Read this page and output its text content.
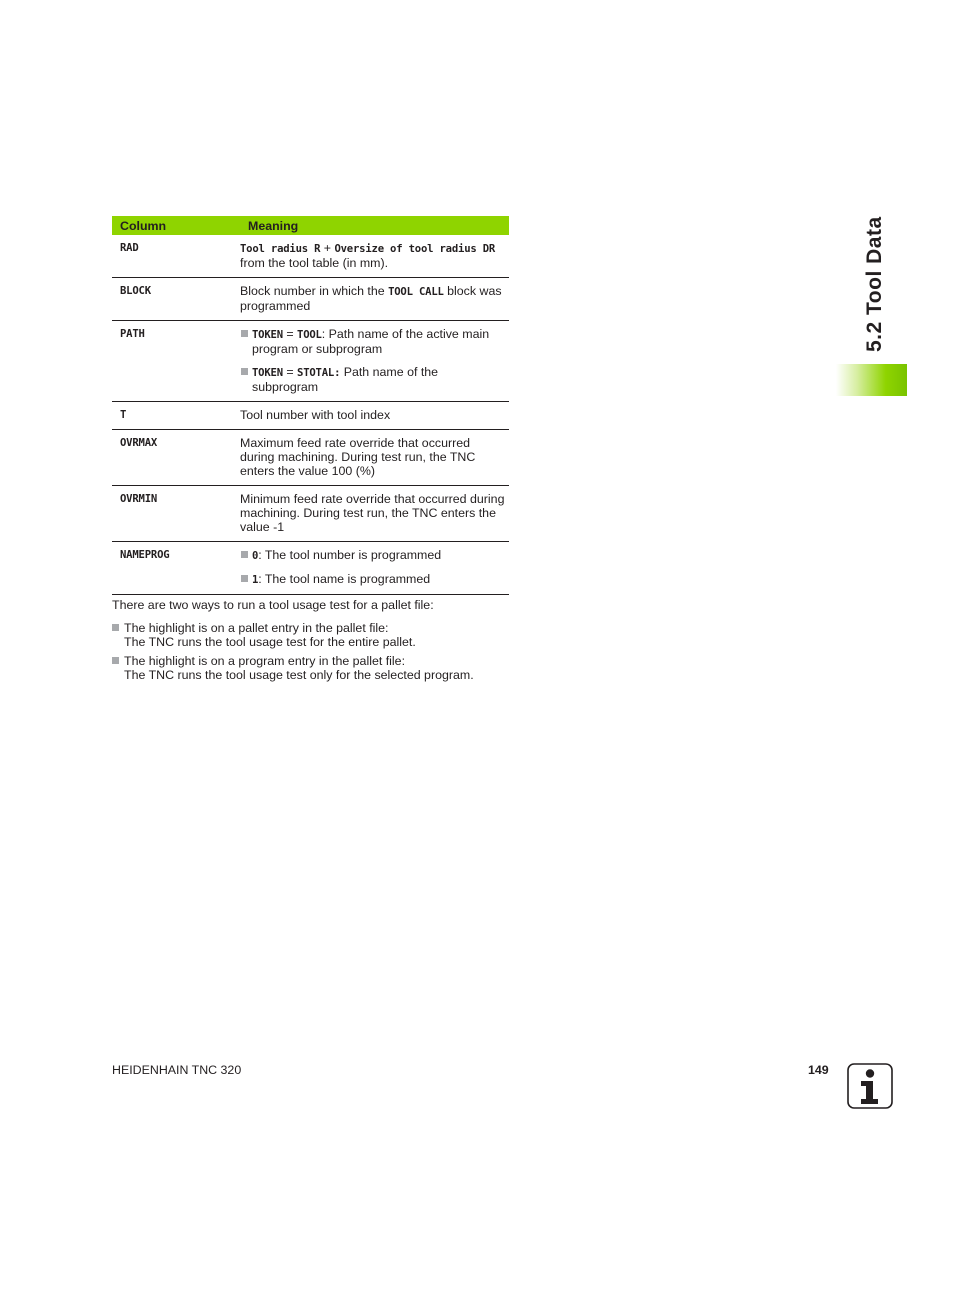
Column	Meaning
RAD	Tool radius R + Oversize of tool radius DR
from the tool table (in mm).
BLOCK	Block number in which the TOOL CALL block was programmed
PATH	TOKEN = TOOL: Path name of the active main program or subprogram
TOKEN = STOTAL: Path name of the subprogram

T	Tool number with tool index
OVRMAX	Maximum feed rate override that occurred during machining. During test run, the TNC enters the value 100 (%)
OVRMIN	Minimum feed rate override that occurred during machining. During test run, the TNC enters the value -1
NAMEPROG	0: The tool number is programmed
1: The tool name is programmed

There are two ways to run a tool usage test for a pallet file:

The highlight is on a pallet entry in the pallet file:
The TNC runs the tool usage test for the entire pallet.
The highlight is on a program entry in the pallet file:
The TNC runs the tool usage test only for the selected program.
5.2 Tool Data
HEIDENHAIN TNC 320	149
